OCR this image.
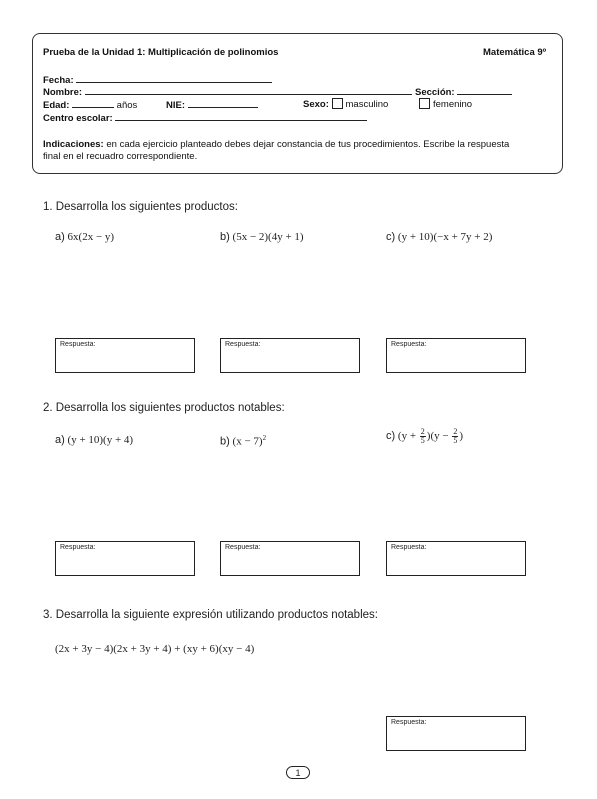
Prueba de la Unidad 1: Multiplicación de polinomios	Matemática 9º
Fecha:
Nombre:	Sección:
Edad:	años	NIE:	Sexo: masculino	femenino
Centro escolar:
Indicaciones: en cada ejercicio planteado debes dejar constancia de tus procedimientos. Escribe la respuesta
final en el recuadro correspondiente.
1. Desarrolla los siguientes productos:
a) 6x(2x − y)	b) (5x − 2)(4y + 1)	c) (y + 10)(−x + 7y + 2)
Respuesta:	Respuesta:	Respuesta:
2. Desarrolla los siguientes productos notables:
a) (y + 10)(y + 4)	b) $(x - 7)^2$	c) $(y + \frac{2}{5} )(y - \frac{2}{5}$ )
Respuesta:	Respuesta:	Respuesta:
3. Desarrolla la siguiente expresión utilizando productos notables:
(2x + 3y − 4)(2x + 3y + 4) + (xy + 6)(xy − 4)
Respuesta:
1
